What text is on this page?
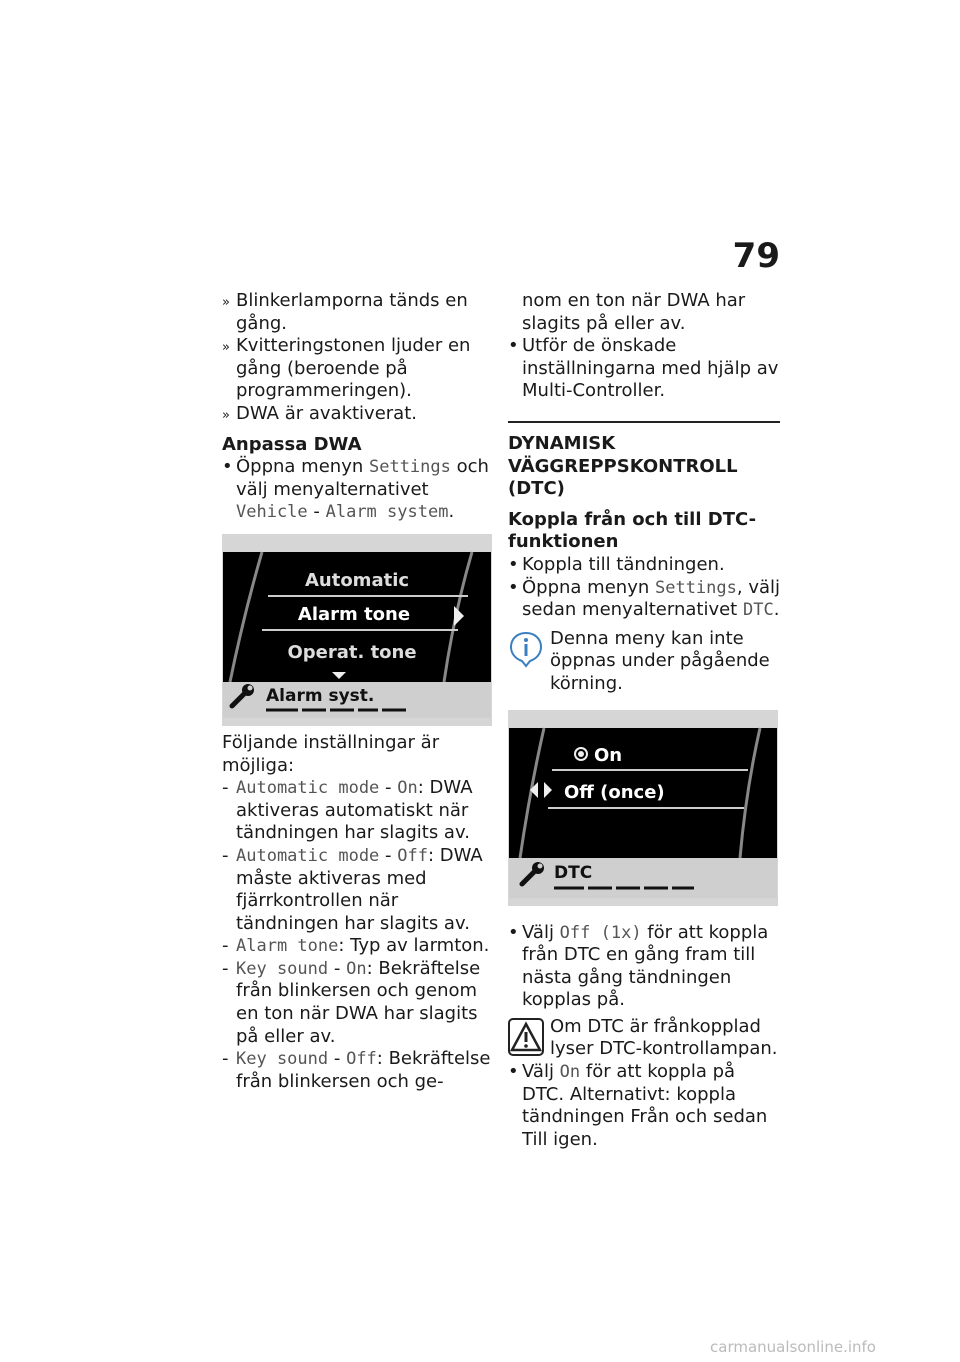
79
» Blinkerlamporna tänds en gång.
» Kvitteringstonen ljuder en gång (beroende på programmeringen).
» DWA är avaktiverat.
Anpassa DWA
• Öppna menyn Settings och välj menyalternativet Vehicle - Alarm system.
Automatic
Alarm tone
Operat. tone
Alarm syst.
Följande inställningar är möjliga:
- Automatic mode - On: DWA aktiveras automatiskt när tändningen har slagits av.
- Automatic mode - Off: DWA måste aktiveras med fjärrkontrollen när tändningen har slagits av.
- Alarm tone: Typ av larmton.
- Key sound - On: Bekräftelse från blinkersen och genom en ton när DWA har slagits på eller av.
- Key sound - Off: Bekräftelse från blinkersen och ge-
nom en ton när DWA har slagits på eller av.
• Utför de önskade inställningarna med hjälp av Multi-Controller.
DYNAMISK VÄGGREPPSKONTROLL (DTC)
Koppla från och till DTC-funktionen
• Koppla till tändningen.
• Öppna menyn Settings, välj sedan menyalternativet DTC.
Denna meny kan inte öppnas under pågående körning.
On
Off (once)
DTC
• Välj Off (1x) för att koppla från DTC en gång fram till nästa gång tändningen kopplas på.
Om DTC är frånkopplad lyser DTC-kontrollampan.
• Välj On för att koppla på DTC. Alternativt: koppla tändningen Från och sedan Till igen.
carmanualsonline.info
